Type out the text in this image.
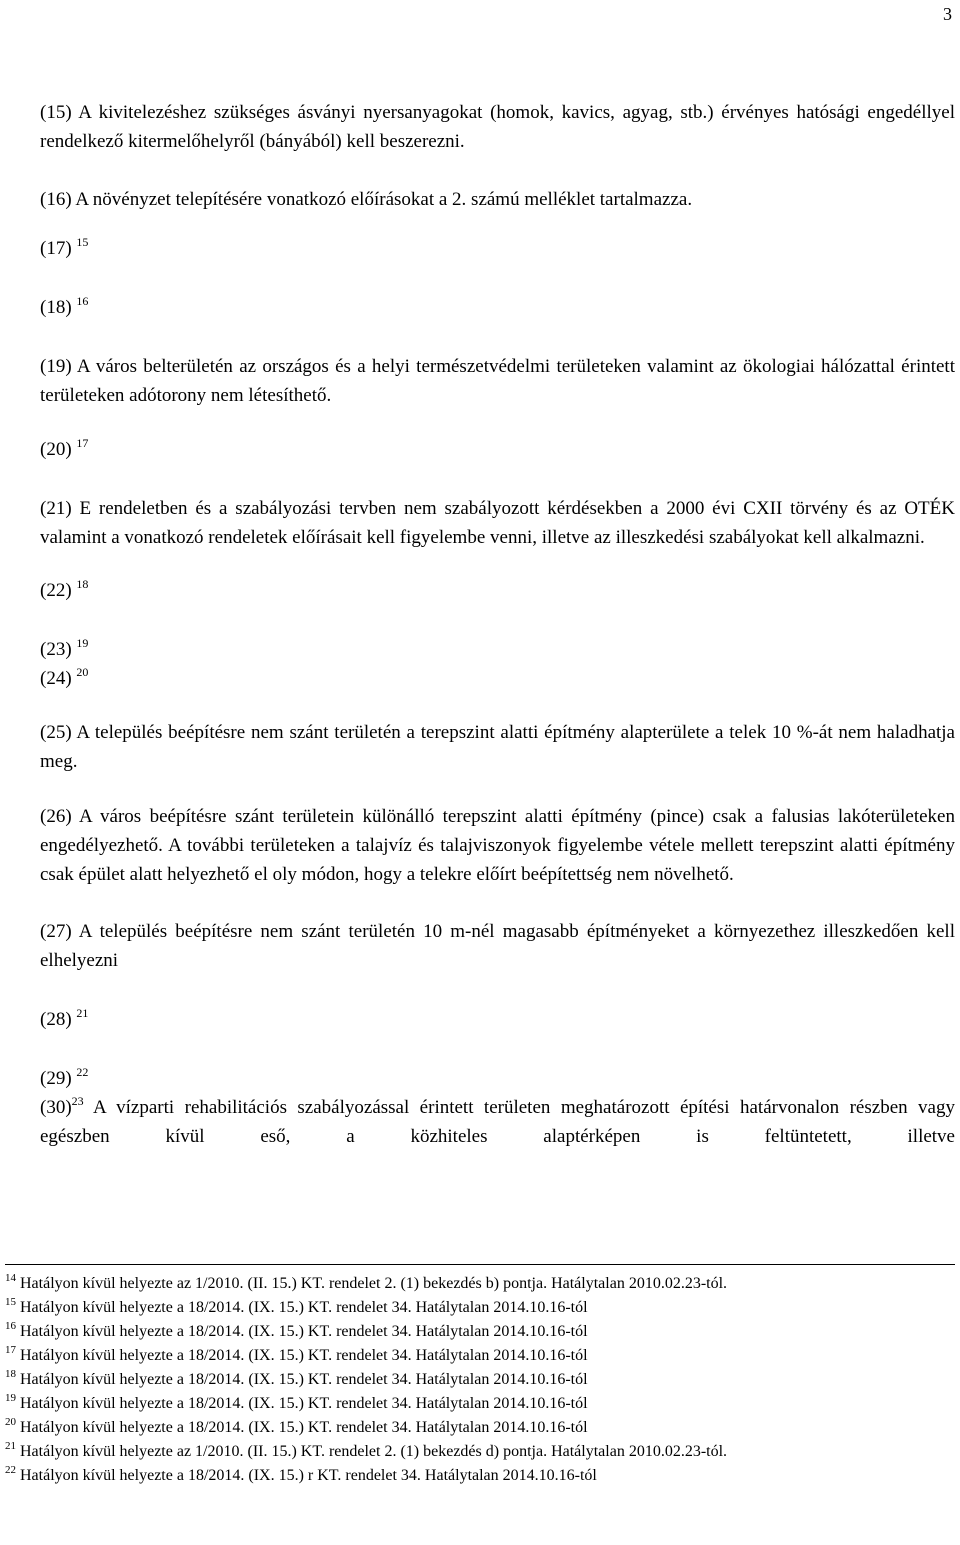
3

(15) A kivitelezéshez szükséges ásványi nyersanyagokat (homok, kavics, agyag, stb.) érvényes hatósági engedéllyel rendelkező kitermelőhelyről (bányából) kell beszerezni.

(16) A növényzet telepítésére vonatkozó előírásokat a 2. számú melléklet tartalmazza.

(17) $^{15}$

(18) $^{16}$

(19) A város belterületén az országos és a helyi természetvédelmi területeken valamint az ökologiai hálózattal érintett területeken adótorony nem létesíthető.

(20) $^{17}$

(21) E rendeletben és a szabályozási tervben nem szabályozott kérdésekben a 2000 évi CXII törvény és az OTÉK valamint a vonatkozó rendeletek előírásait kell figyelembe venni, illetve az illeszkedési szabályokat kell alkalmazni.

(22) $^{18}$

(23) $^{19}$

(24) $^{20}$

(25) A település beépítésre nem szánt területén a terepszint alatti építmény alapterülete a telek 10 %-át nem haladhatja meg.

(26) A város beépítésre szánt területein különálló terepszint alatti építmény (pince) csak a falusias lakóterületeken engedélyezhető. A további területeken a talajvíz és talajviszonyok figyelembe vétele mellett terepszint alatti építmény csak épület alatt helyezhető el oly módon, hogy a telekre előírt beépítettség nem növelhető.

(27) A település beépítésre nem szánt területén 10 m-nél magasabb építményeket a környezethez illeszkedően kell elhelyezni

(28) $^{21}$

(29) $^{22}$

$(30)^{23}$ A vízparti rehabilitációs szabályozással érintett területen meghatározott építési határvonalon részben vagy egészben kívül eső, a közhiteles alaptérképen is feltüntetett, illetve

$^{14}$ Hatályon kívül helyezte az 1/2010. (II. 15.) KT. rendelet 2. (1) bekezdés b) pontja. Hatálytalan 2010.02.23-tól.

$^{15}$ Hatályon kívül helyezte a 18/2014. (IX. 15.) KT. rendelet 34. Hatálytalan 2014.10.16-tól

$^{16}$ Hatályon kívül helyezte a 18/2014. (IX. 15.) KT. rendelet 34. Hatálytalan 2014.10.16-tól

$^{17}$ Hatályon kívül helyezte a 18/2014. (IX. 15.) KT. rendelet 34. Hatálytalan 2014.10.16-tól

$^{18}$ Hatályon kívül helyezte a 18/2014. (IX. 15.) KT. rendelet 34. Hatálytalan 2014.10.16-tól

$^{19}$ Hatályon kívül helyezte a 18/2014. (IX. 15.) KT. rendelet 34. Hatálytalan 2014.10.16-tól

$^{20}$ Hatályon kívül helyezte a 18/2014. (IX. 15.) KT. rendelet 34. Hatálytalan 2014.10.16-tól

$^{21}$ Hatályon kívül helyezte az 1/2010. (II. 15.) KT. rendelet 2. (1) bekezdés d) pontja. Hatálytalan 2010.02.23-tól.

$^{22}$ Hatályon kívül helyezte a 18/2014. (IX. 15.) r KT. rendelet 34. Hatálytalan 2014.10.16-tól
